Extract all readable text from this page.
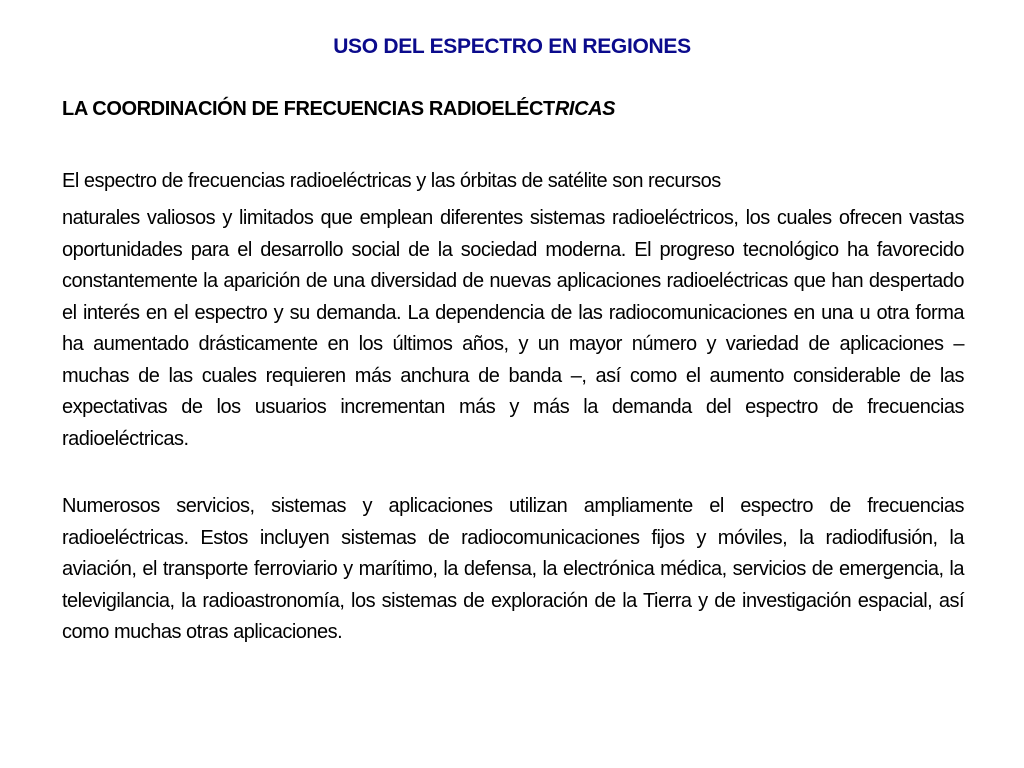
USO DEL ESPECTRO EN REGIONES
LA COORDINACIÓN DE FRECUENCIAS RADIOELÉCTRICAS
El espectro de frecuencias radioeléctricas y las órbitas de satélite son recursos
naturales valiosos y limitados que emplean diferentes sistemas radioeléctricos, los cuales ofrecen vastas oportunidades para el desarrollo social de la sociedad moderna. El progreso tecnológico ha favorecido constantemente la aparición de una diversidad de nuevas aplicaciones radioeléctricas que han despertado el interés en el espectro y su demanda. La dependencia de las radiocomunicaciones en una u otra forma ha aumentado drásticamente en los últimos años, y un mayor número y variedad de aplicaciones – muchas de las cuales requieren más anchura de banda –, así como el aumento considerable de las expectativas de los usuarios incrementan más y más la demanda del espectro de frecuencias radioeléctricas.
Numerosos servicios, sistemas y aplicaciones utilizan ampliamente el espectro de frecuencias radioeléctricas. Estos incluyen sistemas de radiocomunicaciones fijos y móviles, la radiodifusión, la aviación, el transporte ferroviario y marítimo, la defensa, la electrónica médica, servicios de emergencia, la televigilancia, la radioastronomía, los sistemas de exploración de la Tierra y de investigación espacial, así como muchas otras aplicaciones.
